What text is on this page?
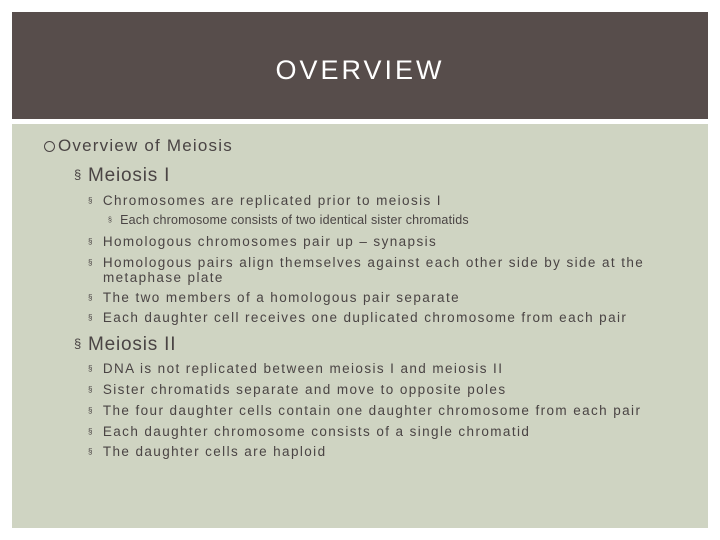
OVERVIEW
Overview of Meiosis
§ Meiosis I
§ Chromosomes are replicated prior to meiosis I
§ Each chromosome consists of two identical sister chromatids
§ Homologous chromosomes pair up – synapsis
§ Homologous pairs align themselves against each other side by side at the
metaphase plate
§ The two members of a homologous pair separate
§ Each daughter cell receives one duplicated chromosome from each pair
§ Meiosis II
§ DNA is not replicated between meiosis I and meiosis II
§ Sister chromatids separate and move to opposite poles
§ The four daughter cells contain one daughter chromosome from each pair
§ Each daughter chromosome consists of a single chromatid
§ The daughter cells are haploid
